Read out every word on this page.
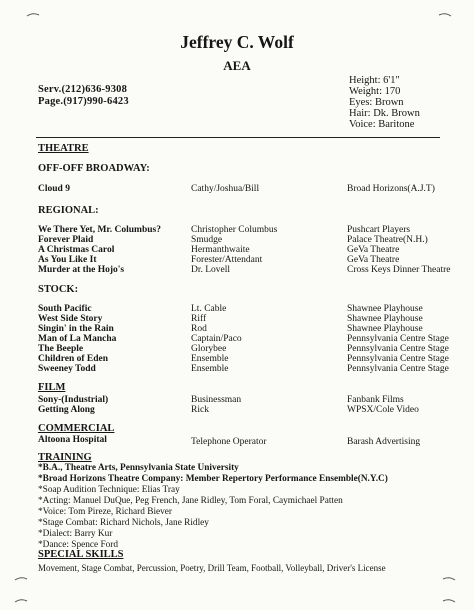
Jeffrey C. Wolf
AEA
Serv.(212)636-9308
Page.(917)990-6423
Height: 6'1"
Weight: 170
Eyes: Brown
Hair: Dk. Brown
Voice: Baritone
THEATRE
OFF-OFF BROADWAY:
Cloud 9	Cathy/Joshua/Bill	Broad Horizons(A.J.T)
REGIONAL:
We There Yet, Mr. Columbus?	Christopher Columbus	Pushcart Players
Forever Plaid	Smudge	Palace Theatre(N.H.)
A Christmas Carol	Hermanthwaite	GeVa Theatre
As You Like It	Forester/Attendant	GeVa Theatre
Murder at the Hojo's	Dr. Lovell	Cross Keys Dinner Theatre
STOCK:
South Pacific	Lt. Cable	Shawnee Playhouse
West Side Story	Riff	Shawnee Playhouse
Singin' in the Rain	Rod	Shawnee Playhouse
Man of La Mancha	Captain/Paco	Pennsylvania Centre Stage
The Beeple	Glorybee	Pennsylvania Centre Stage
Children of Eden	Ensemble	Pennsylvania Centre Stage
Sweeney Todd	Ensemble	Pennsylvania Centre Stage
FILM
Sony-(Industrial)	Businessman	Fanbank Films
Getting Along	Rick	WPSX/Cole Video
COMMERCIAL
Altoona Hospital	Telephone Operator	Barash Advertising
TRAINING
*B.A., Theatre Arts, Pennsylvania State University
*Broad Horizons Theatre Company: Member Repertory Performance Ensemble(N.Y.C)
*Soap Audition Technique: Elias Tray
*Acting: Manuel DuQue, Peg French, Jane Ridley, Tom Foral, Caymichael Patten
*Voice: Tom Pireze, Richard Biever
*Stage Combat: Richard Nichols, Jane Ridley
*Dialect: Barry Kur
*Dance: Spence Ford
SPECIAL SKILLS
Movement, Stage Combat, Percussion, Poetry, Drill Team, Football, Volleyball, Driver's License
